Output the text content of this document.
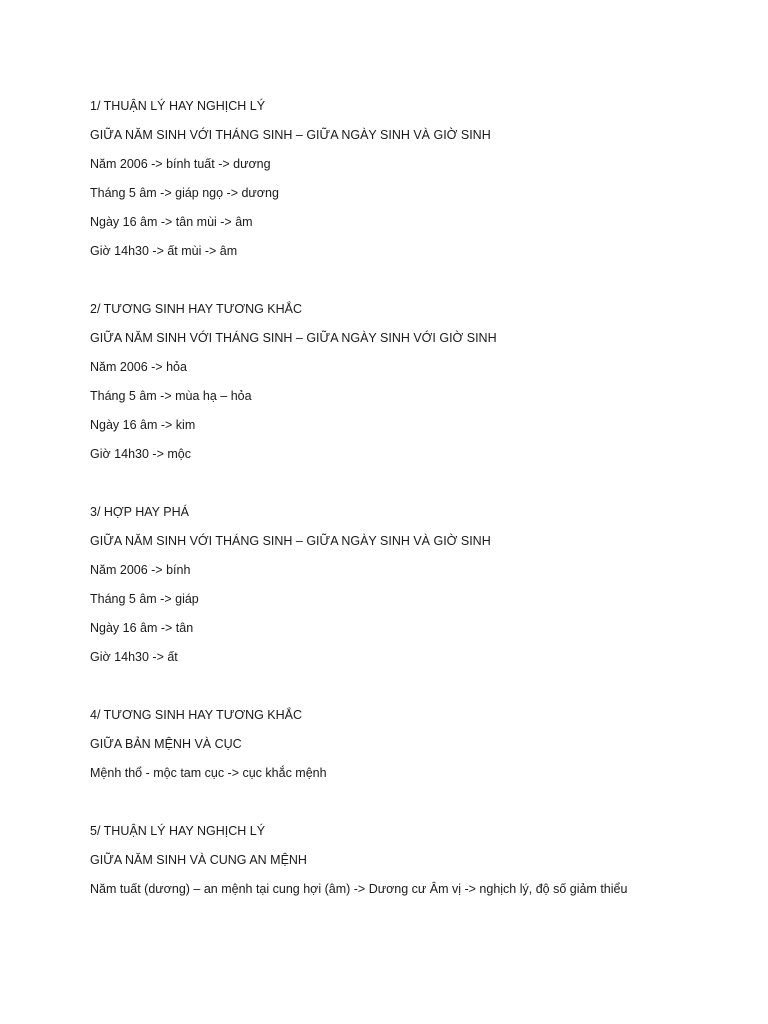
1/ THUẬN LÝ HAY NGHỊCH LÝ
GIỮA NĂM SINH VỚI THÁNG SINH – GIỮA NGÀY SINH VÀ GIỜ SINH
Năm 2006 -> bính tuất -> dương
Tháng 5 âm -> giáp ngọ -> dương
Ngày 16 âm -> tân mùi -> âm
Giờ 14h30 -> ất mùi -> âm
2/ TƯƠNG SINH HAY TƯƠNG KHẮC
GIỮA NĂM SINH VỚI THÁNG SINH – GIỮA NGÀY SINH VỚI GIỜ SINH
Năm 2006 -> hỏa
Tháng 5 âm -> mùa hạ – hỏa
Ngày 16 âm -> kim
Giờ 14h30 -> mộc
3/ HỢP HAY PHÁ
GIỮA NĂM SINH VỚI THÁNG SINH – GIỮA NGÀY SINH VÀ GIỜ SINH
Năm 2006 -> bính
Tháng 5 âm -> giáp
Ngày 16 âm -> tân
Giờ 14h30 -> ất
4/ TƯƠNG SINH HAY TƯƠNG KHẮC
GIỮA BẢN MỆNH VÀ CỤC
Mệnh thổ - mộc tam cục -> cục khắc mệnh
5/ THUẬN LÝ HAY NGHỊCH LÝ
GIỮA NĂM SINH VÀ CUNG AN MỆNH
Năm tuất (dương) – an mệnh tại cung hợi (âm) -> Dương cư Âm vị -> nghịch lý, độ số giảm thiểu
